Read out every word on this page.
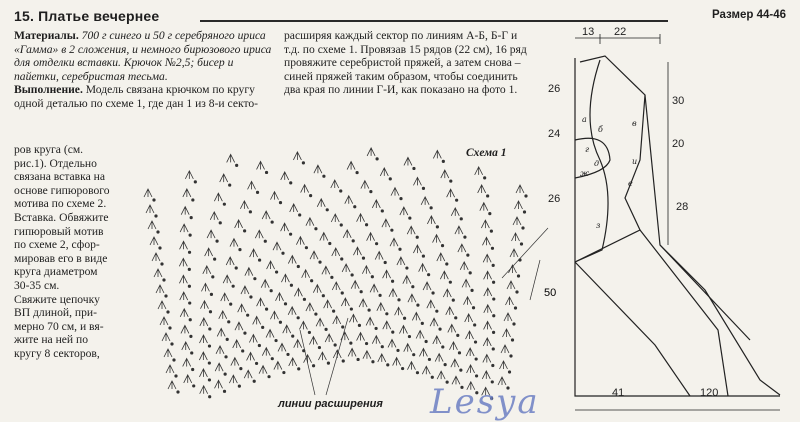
15. Платье вечернее	Размер 44-46

Материалы. 700 г синего и 50 г серебряного ириса «Гамма» в 2 сложения, и немного бирюзового ириса для отделки вставки. Крючок №2,5; бисер и пайетки, серебристая тесьма.
Выполнение. Модель связана крючком по кругу одной деталью по схеме 1, где дан 1 из 8-и секто-

ров круга (см.
рис.1). Отдельно
связана вставка на
основе гипюрового
мотива по схеме 2.
Вставка. Обвяжите
гипюровый мотив
по схеме 2, сфор-
мировав его в виде
круга диаметром
30-35 см.
Свяжите цепочку
ВП длиной, при-
мерно 70 см, и вя-
жите на ней по
кругу 8 секторов,

расширяя каждый сектор по линиям А-Б, Б-Г и т.д. по схеме 1. Провязав 15 рядов (22 см), 16 ряд провяжите серебристой пряжей, а затем снова – синей пряжей таким образом, чтобы соединить два края по линии Г-И, как показано на фото 1.

Схема 1
50
13 22
26
24
26
30
20
28
41	120
а
б
в
г
д
е
ж
з
и
линии расширения Lesya
